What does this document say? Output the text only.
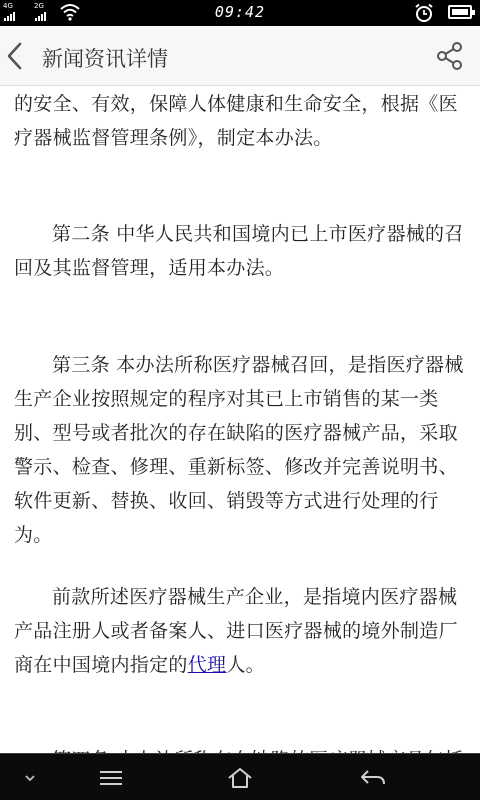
4G	2G	09:42
新闻资讯详情

的安全、有效，保障人体健康和生命安全，根据《医疗器械监督管理条例》，制定本办法。

第二条 中华人民共和国境内已上市医疗器械的召回及其监督管理，适用本办法。

第三条 本办法所称医疗器械召回，是指医疗器械生产企业按照规定的程序对其已上市销售的某一类别、型号或者批次的存在缺陷的医疗器械产品，采取警示、检查、修理、重新标签、修改并完善说明书、软件更新、替换、收回、销毁等方式进行处理的行为。

前款所述医疗器械生产企业，是指境内医疗器械产品注册人或者备案人、进口医疗器械的境外制造厂商在中国境内指定的代理人。
